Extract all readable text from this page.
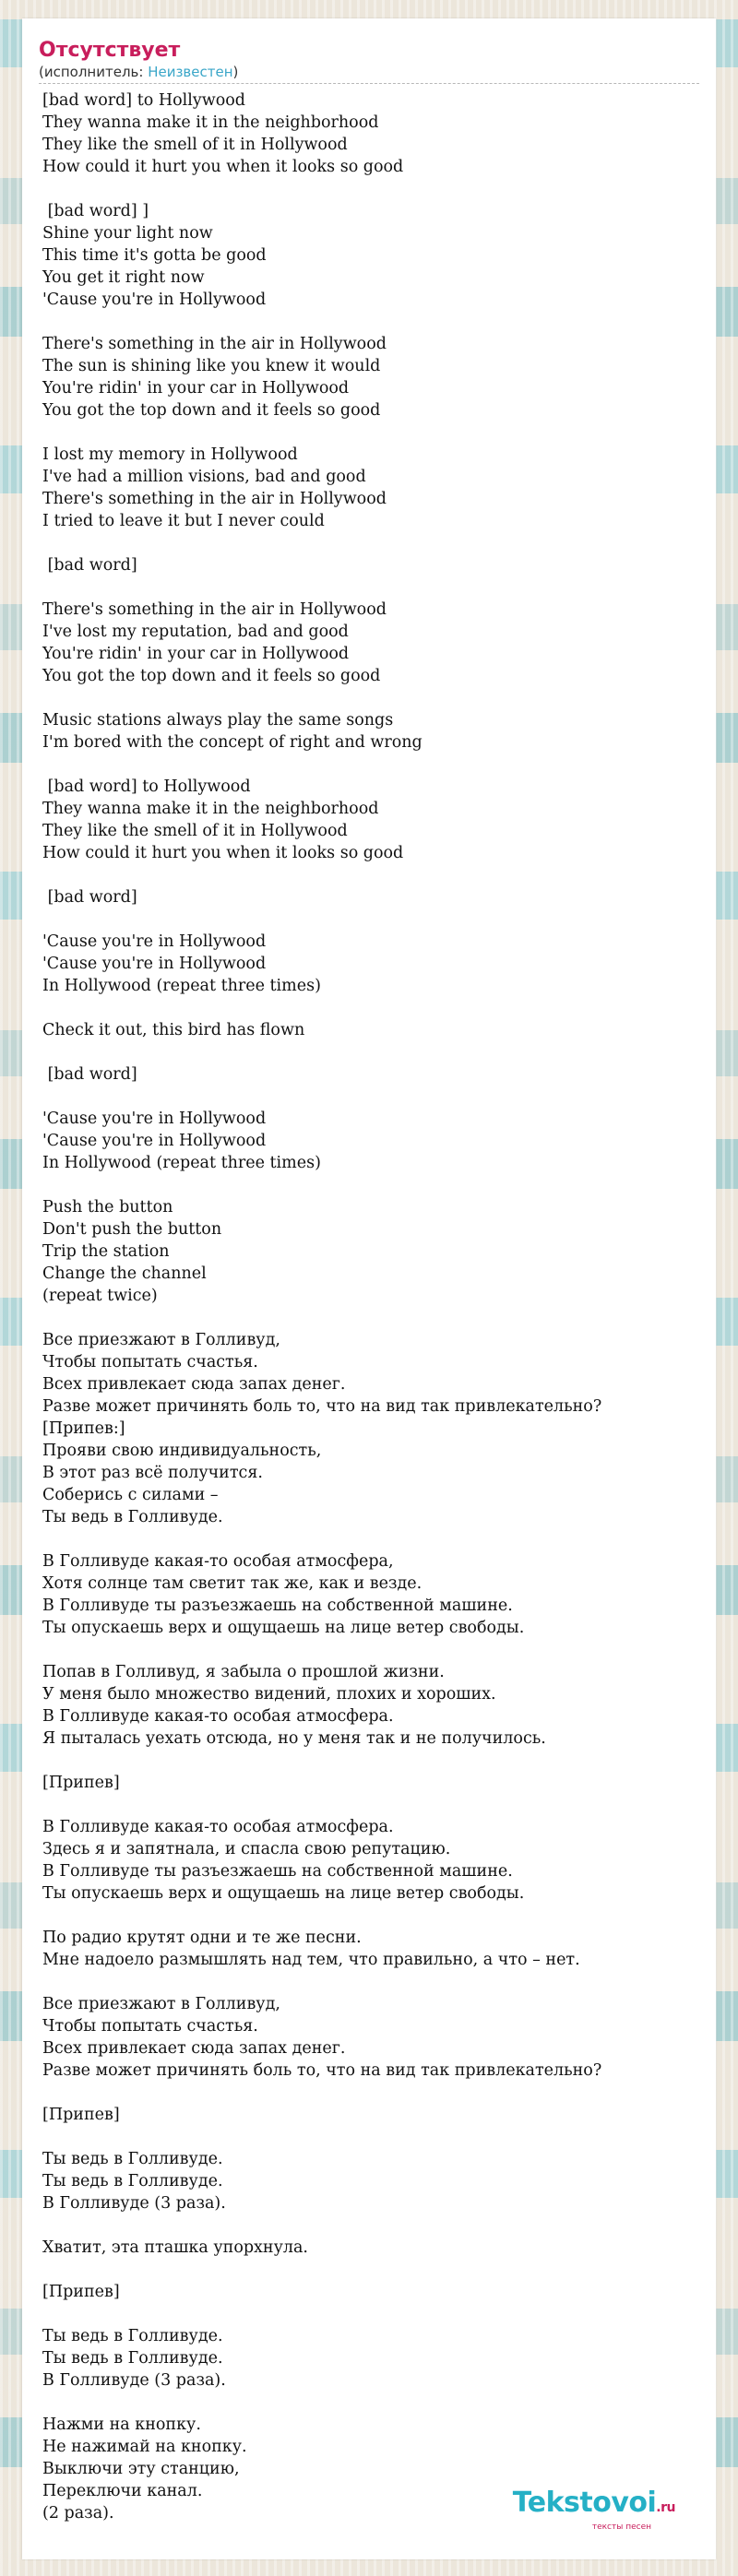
Отсутствует
(исполнитель: Неизвестен)
[bad word] to Hollywood
They wanna make it in the neighborhood
They like the smell of it in Hollywood
How could it hurt you when it looks so good
[bad word] ]
Shine your light now
This time it's gotta be good
You get it right now
'Cause you're in Hollywood
There's something in the air in Hollywood
The sun is shining like you knew it would
You're ridin' in your car in Hollywood
You got the top down and it feels so good
I lost my memory in Hollywood
I've had a million visions, bad and good
There's something in the air in Hollywood
I tried to leave it but I never could
[bad word]
There's something in the air in Hollywood
I've lost my reputation, bad and good
You're ridin' in your car in Hollywood
You got the top down and it feels so good
Music stations always play the same songs
I'm bored with the concept of right and wrong
[bad word] to Hollywood
They wanna make it in the neighborhood
They like the smell of it in Hollywood
How could it hurt you when it looks so good
[bad word]
'Cause you're in Hollywood
'Cause you're in Hollywood
In Hollywood (repeat three times)
Check it out, this bird has flown
[bad word]
'Cause you're in Hollywood
'Cause you're in Hollywood
In Hollywood (repeat three times)
Push the button
Don't push the button
Trip the station
Change the channel
(repeat twice)
Все приезжают в Голливуд,
Чтобы попытать счастья.
Всех привлекает сюда запах денег.
Разве может причинять боль то, что на вид так привлекательно?
[Припев:]
Прояви свою индивидуальность,
В этот раз всё получится.
Соберись с силами –
Ты ведь в Голливуде.
В Голливуде какая-то особая атмосфера,
Хотя солнце там светит так же, как и везде.
В Голливуде ты разъезжаешь на собственной машине.
Ты опускаешь верх и ощущаешь на лице ветер свободы.
Попав в Голливуд, я забыла о прошлой жизни.
У меня было множество видений, плохих и хороших.
В Голливуде какая-то особая атмосфера.
Я пыталась уехать отсюда, но у меня так и не получилось.
[Припев]
В Голливуде какая-то особая атмосфера.
Здесь я и запятнала, и спасла свою репутацию.
В Голливуде ты разъезжаешь на собственной машине.
Ты опускаешь верх и ощущаешь на лице ветер свободы.
По радио крутят одни и те же песни.
Мне надоело размышлять над тем, что правильно, а что – нет.
Все приезжают в Голливуд,
Чтобы попытать счастья.
Всех привлекает сюда запах денег.
Разве может причинять боль то, что на вид так привлекательно?
[Припев]
Ты ведь в Голливуде.
Ты ведь в Голливуде.
В Голливуде (3 раза).
Хватит, эта пташка упорхнула.
[Припев]
Ты ведь в Голливуде.
Ты ведь в Голливуде.
В Голливуде (3 раза).
Нажми на кнопку.
Не нажимай на кнопку.
Выключи эту станцию,
Переключи канал.
(2 раза).	Tekstovoi.ru
тексты песен
